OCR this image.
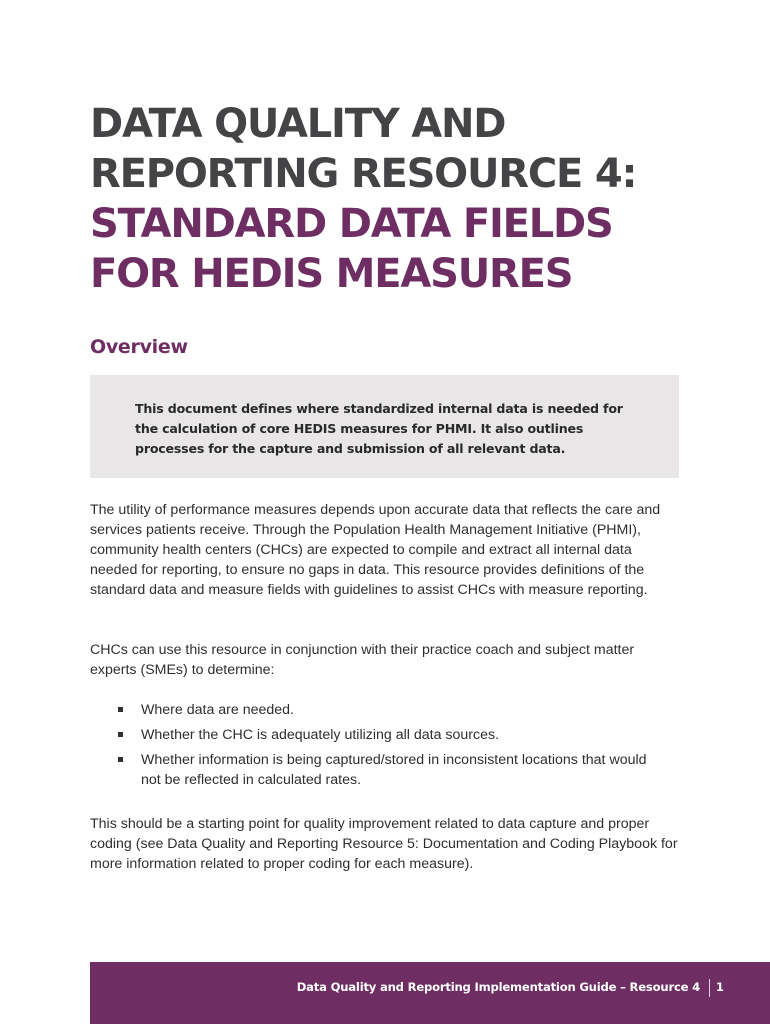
DATA QUALITY AND
REPORTING RESOURCE 4:
STANDARD DATA FIELDS
FOR HEDIS MEASURES
Overview

This document defines where standardized internal data is needed for the calculation of core HEDIS measures for PHMI. It also outlines processes for the capture and submission of all relevant data.

The utility of performance measures depends upon accurate data that reflects the care and services patients receive. Through the Population Health Management Initiative (PHMI), community health centers (CHCs) are expected to compile and extract all internal data needed for reporting, to ensure no gaps in data. This resource provides definitions of the standard data and measure fields with guidelines to assist CHCs with measure reporting.

CHCs can use this resource in conjunction with their practice coach and subject matter experts (SMEs) to determine:

Where data are needed.
Whether the CHC is adequately utilizing all data sources.
Whether information is being captured/stored in inconsistent locations that would not be reflected in calculated rates.

This should be a starting point for quality improvement related to data capture and proper coding (see Data Quality and Reporting Resource 5: Documentation and Coding Playbook for more information related to proper coding for each measure).

Data Quality and Reporting Implementation Guide – Resource 4 1
